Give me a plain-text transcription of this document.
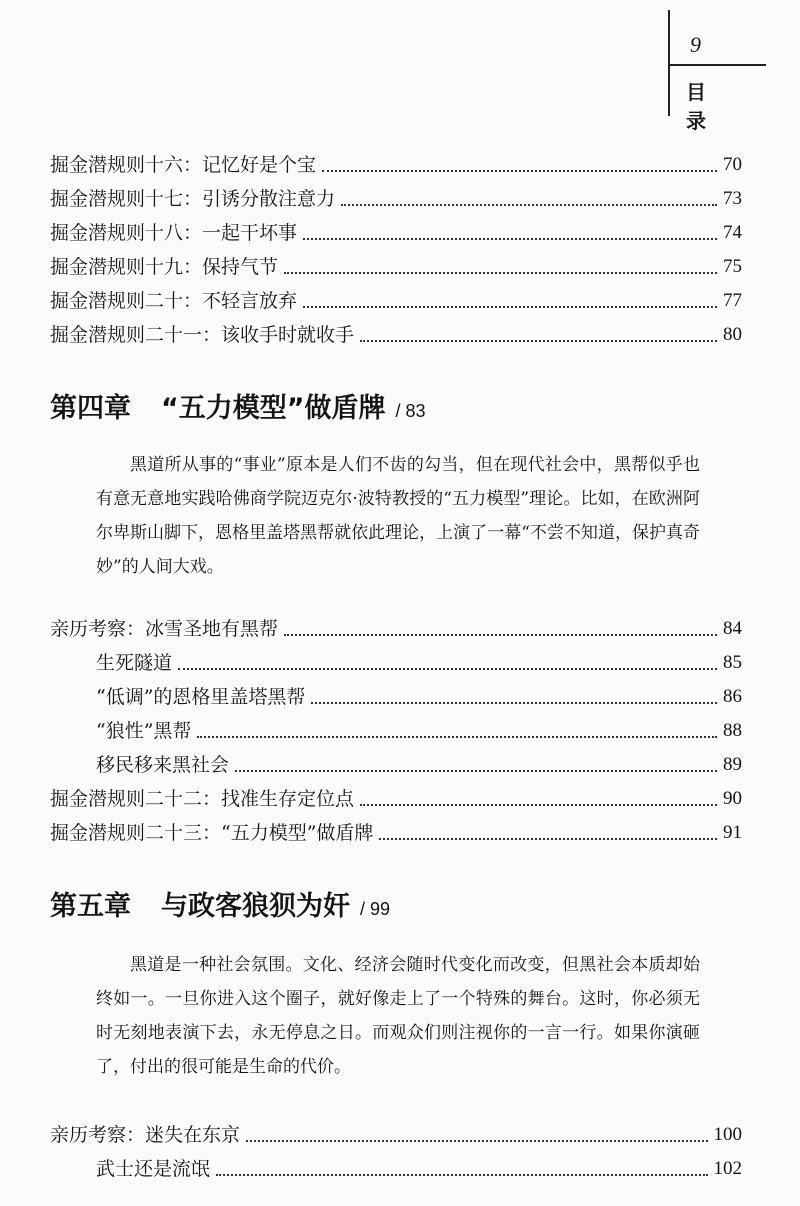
9
目 录
掘金潜规则十六：记忆好是个宝	70
掘金潜规则十七：引诱分散注意力	73
掘金潜规则十八：一起干坏事	74
掘金潜规则十九：保持气节	75
掘金潜规则二十：不轻言放弃	77
掘金潜规则二十一：该收手时就收手	80
第四章 “五力模型”做盾牌 / 83
黑道所从事的“事业”原本是人们不齿的勾当，但在现代社会中，黑帮似乎也有意无意地实践哈佛商学院迈克尔·波特教授的“五力模型”理论。比如，在欧洲阿尔卑斯山脚下，恩格里盖塔黑帮就依此理论，上演了一幕“不尝不知道，保护真奇妙”的人间大戏。
亲历考察：冰雪圣地有黑帮	84
生死隧道	85
“低调”的恩格里盖塔黑帮	86
“狼性”黑帮	88
移民移来黑社会	89
掘金潜规则二十二：找准生存定位点	90
掘金潜规则二十三：“五力模型”做盾牌	91
第五章 与政客狼狈为奸 / 99
黑道是一种社会氛围。文化、经济会随时代变化而改变，但黑社会本质却始终如一。一旦你进入这个圈子，就好像走上了一个特殊的舞台。这时，你必须无时无刻地表演下去，永无停息之日。而观众们则注视你的一言一行。如果你演砸了，付出的很可能是生命的代价。
亲历考察：迷失在东京	100
武士还是流氓	102
